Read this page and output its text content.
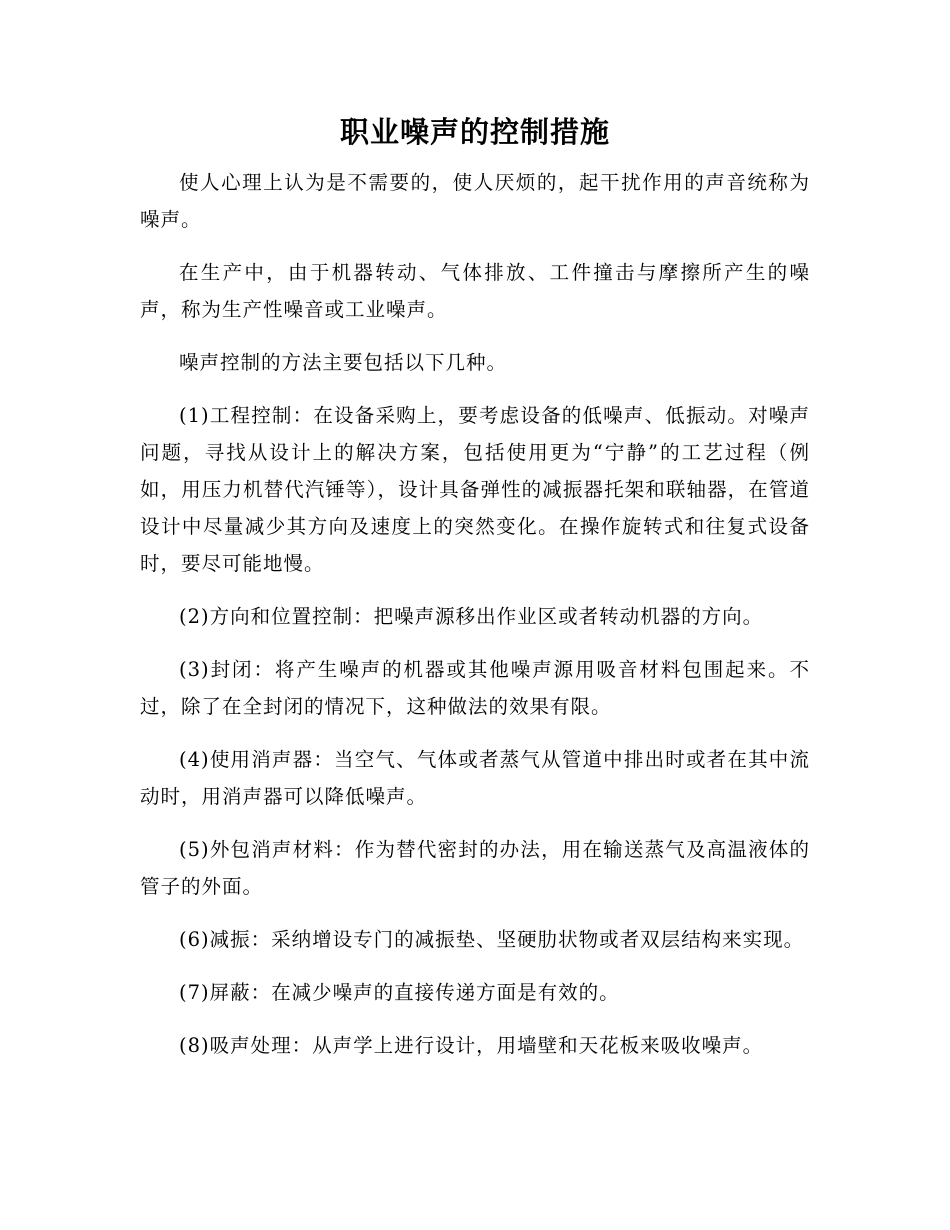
职业噪声的控制措施

使人心理上认为是不需要的，使人厌烦的，起干扰作用的声音统称为噪声。

在生产中，由于机器转动、气体排放、工件撞击与摩擦所产生的噪声，称为生产性噪音或工业噪声。

噪声控制的方法主要包括以下几种。

(1)工程控制：在设备采购上，要考虑设备的低噪声、低振动。对噪声问题，寻找从设计上的解决方案，包括使用更为“宁静”的工艺过程（例如，用压力机替代汽锤等），设计具备弹性的减振器托架和联轴器，在管道设计中尽量减少其方向及速度上的突然变化。在操作旋转式和往复式设备时，要尽可能地慢。

(2)方向和位置控制：把噪声源移出作业区或者转动机器的方向。

(3)封闭：将产生噪声的机器或其他噪声源用吸音材料包围起来。不过，除了在全封闭的情况下，这种做法的效果有限。

(4)使用消声器：当空气、气体或者蒸气从管道中排出时或者在其中流动时，用消声器可以降低噪声。

(5)外包消声材料：作为替代密封的办法，用在输送蒸气及高温液体的管子的外面。

(6)减振：采纳增设专门的减振垫、坚硬肋状物或者双层结构来实现。

(7)屏蔽：在减少噪声的直接传递方面是有效的。

(8)吸声处理：从声学上进行设计，用墙壁和天花板来吸收噪声。
